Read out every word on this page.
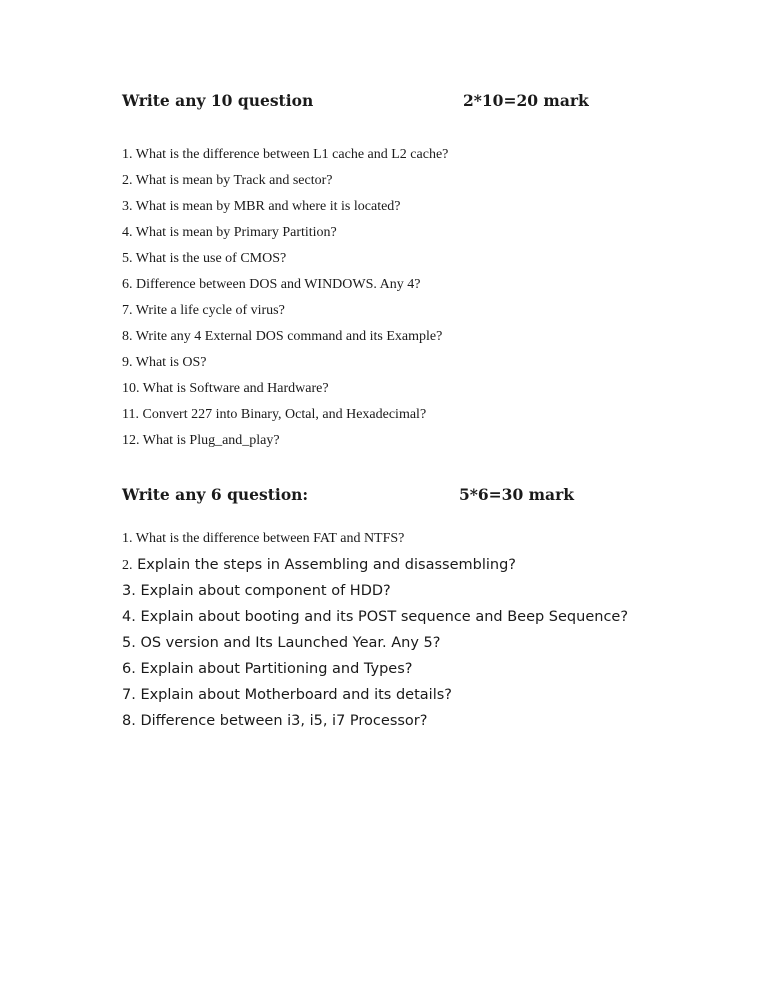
Write any 10 question	2*10=20 mark
1. What is the difference between L1 cache and L2 cache?
2. What is mean by Track and sector?
3. What is mean by MBR and where it is located?
4. What is mean by Primary Partition?
5. What is the use of CMOS?
6. Difference between DOS and WINDOWS. Any 4?
7. Write a life cycle of virus?
8. Write any 4 External DOS command and its Example?
9. What is OS?
10. What is Software and Hardware?
11. Convert 227 into Binary, Octal, and Hexadecimal?
12. What is Plug_and_play?
Write any 6 question:	5*6=30 mark
1. What is the difference between FAT and NTFS?
2. Explain the steps in Assembling and disassembling?
3. Explain about component of HDD?
4. Explain about booting and its POST sequence and Beep Sequence?
5. OS version and Its Launched Year. Any 5?
6. Explain about Partitioning and Types?
7. Explain about Motherboard and its details?
8. Difference between i3, i5, i7 Processor?
